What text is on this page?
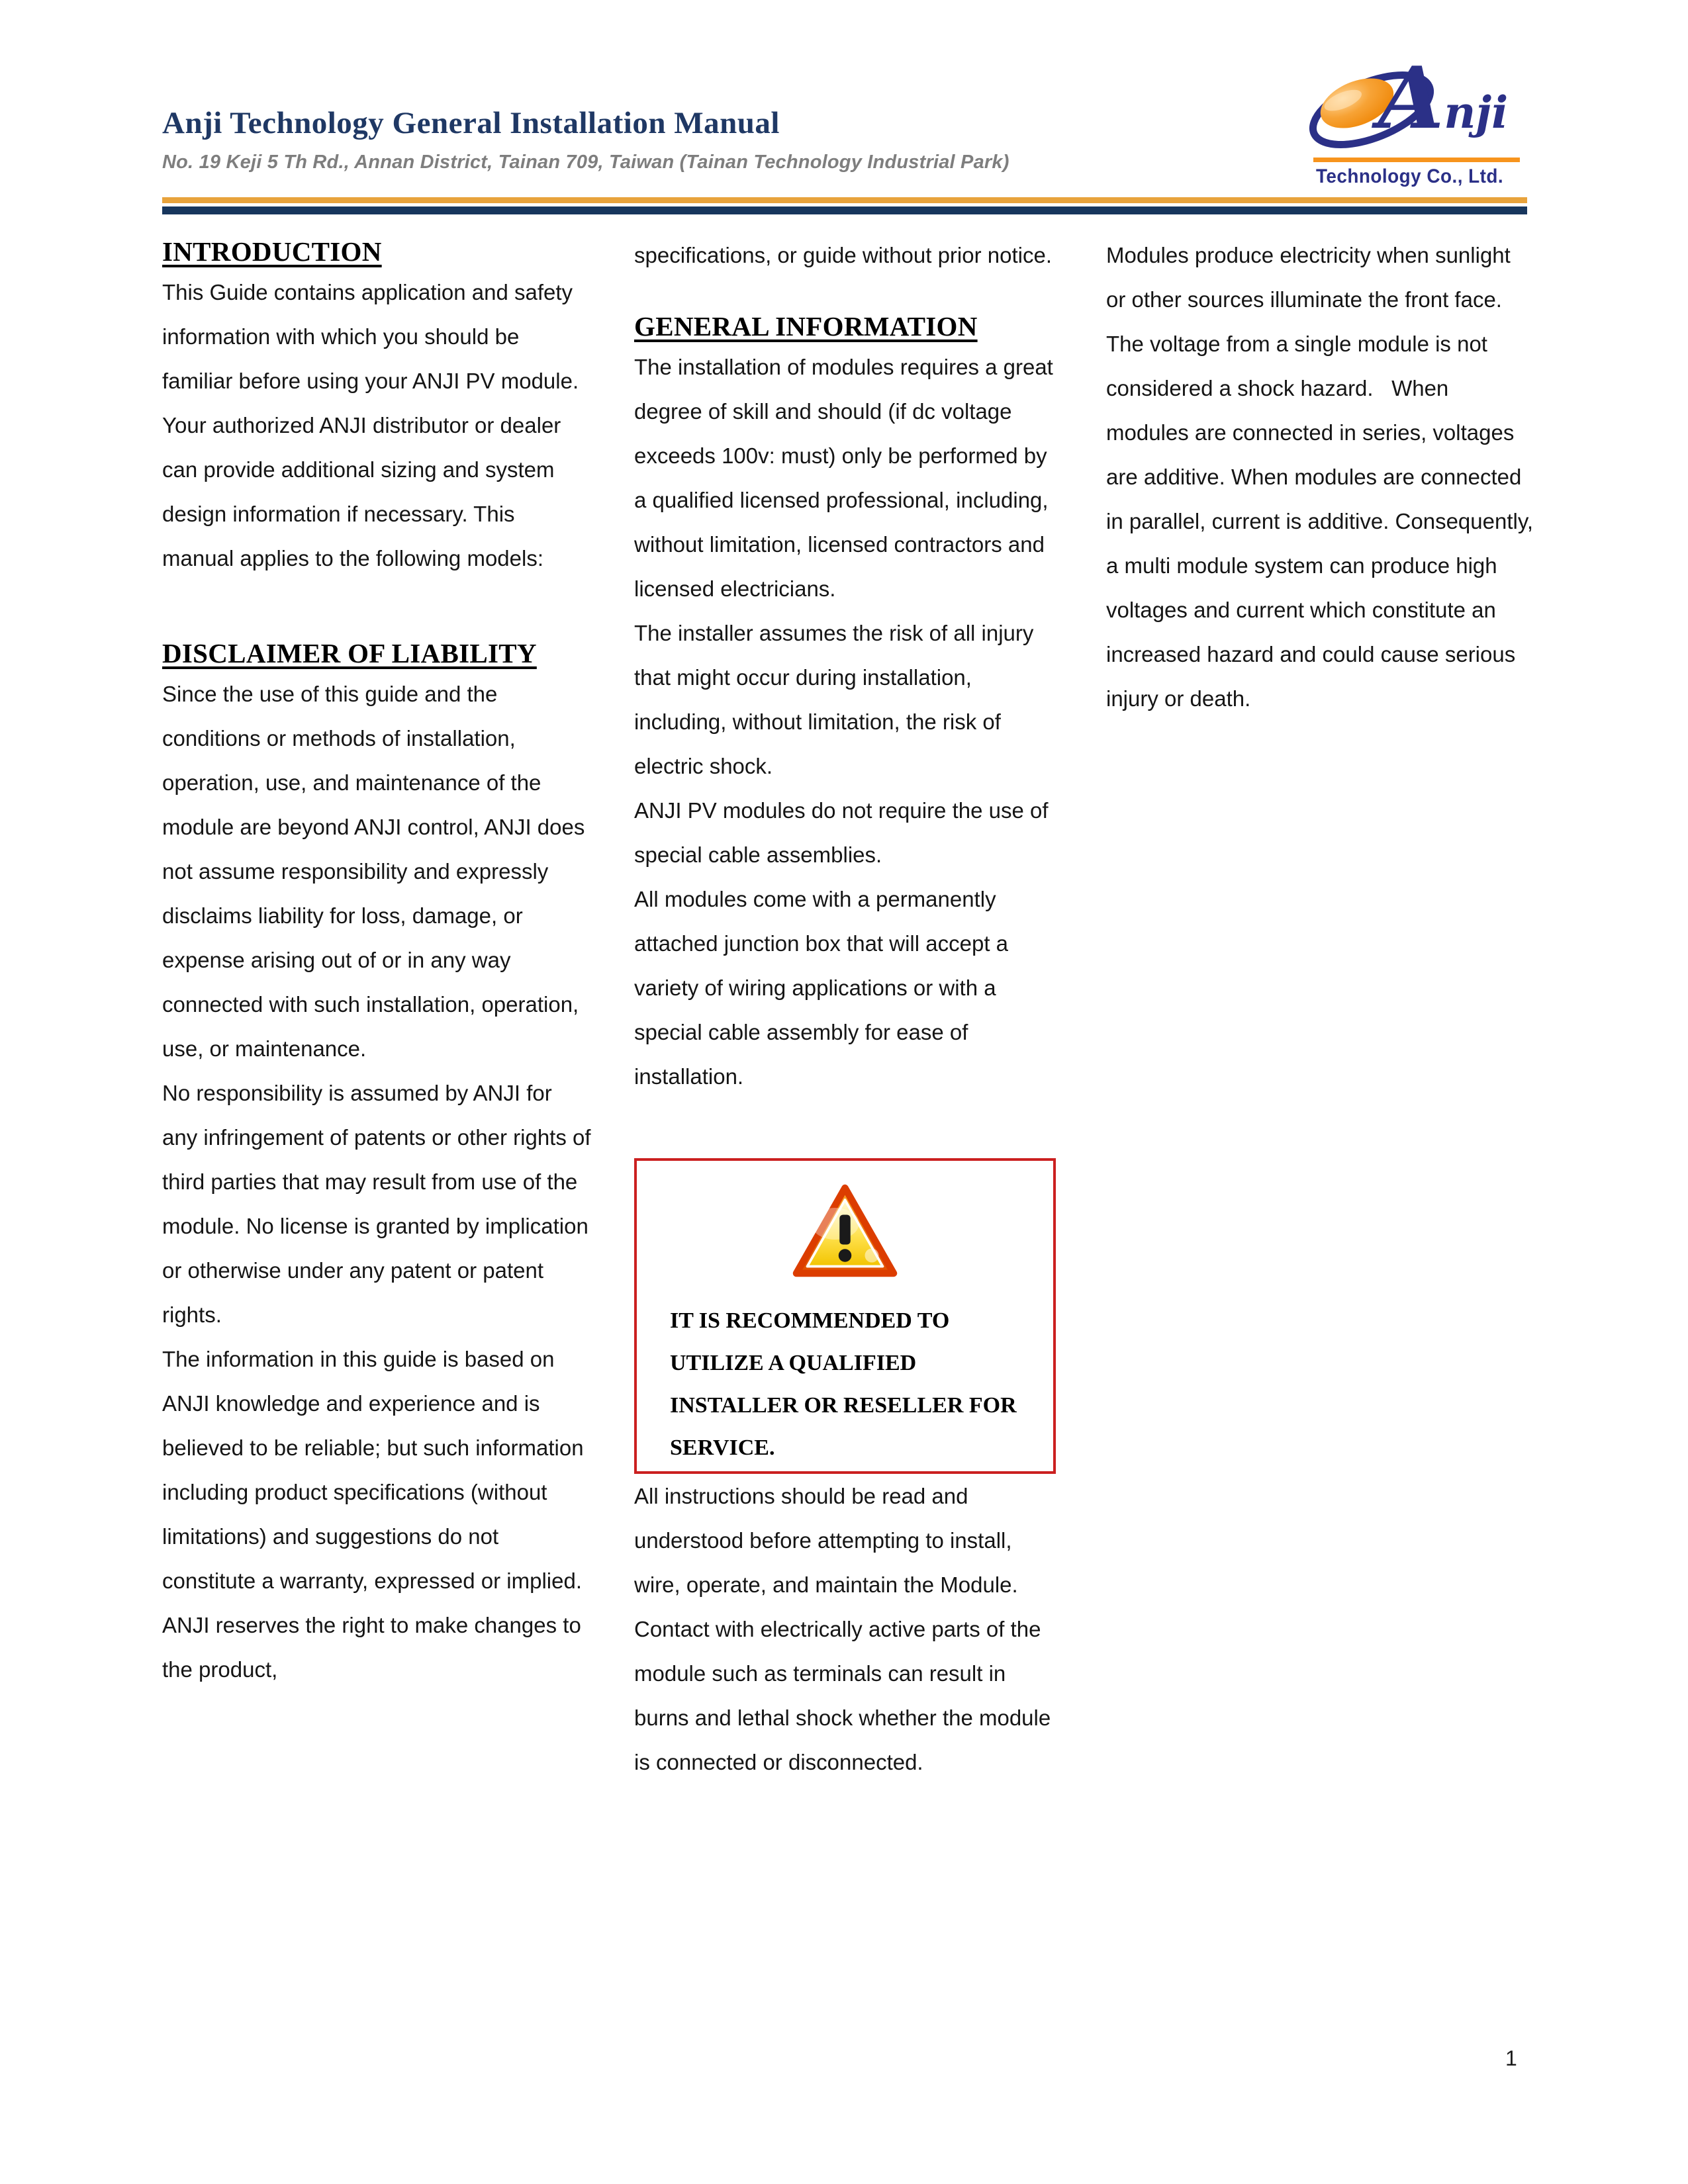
Anji Technology General Installation Manual
No. 19 Keji 5 Th Rd., Annan District, Tainan 709, Taiwan (Tainan Technology Industrial Park)
Anji
Technology Co., Ltd.
INTRODUCTION

This Guide contains application and safety information with which you should be familiar before using your ANJI PV module. Your authorized ANJI distributor or dealer can provide additional sizing and system design information if necessary. This manual applies to the following models:

DISCLAIMER OF LIABILITY

Since the use of this guide and the conditions or methods of installation, operation, use, and maintenance of the module are beyond ANJI control, ANJI does not assume responsibility and expressly disclaims liability for loss, damage, or expense arising out of or in any way connected with such installation, operation, use, or maintenance.

No responsibility is assumed by ANJI for any infringement of patents or other rights of third parties that may result from use of the module. No license is granted by implication or otherwise under any patent or patent rights.

The information in this guide is based on ANJI knowledge and experience and is believed to be reliable; but such information including product specifications (without limitations) and suggestions do not constitute a warranty, expressed or implied. ANJI reserves the right to make changes to the product,

specifications, or guide without prior notice.

GENERAL INFORMATION

The installation of modules requires a great degree of skill and should (if dc voltage exceeds 100v: must) only be performed by a qualified licensed professional, including, without limitation, licensed contractors and licensed electricians.

The installer assumes the risk of all injury that might occur during installation, including, without limitation, the risk of electric shock.

ANJI PV modules do not require the use of special cable assemblies.

All modules come with a permanently attached junction box that will accept a variety of wiring applications or with a special cable assembly for ease of installation.

IT IS RECOMMENDED TO UTILIZE A QUALIFIED INSTALLER OR RESELLER FOR SERVICE.

All instructions should be read and understood before attempting to install, wire, operate, and maintain the Module. Contact with electrically active parts of the module such as terminals can result in burns and lethal shock whether the module is connected or disconnected.

Modules produce electricity when sunlight or other sources illuminate the front face. The voltage from a single module is not considered a shock hazard.   When modules are connected in series, voltages are additive. When modules are connected in parallel, current is additive. Consequently, a multi module system can produce high voltages and current which constitute an increased hazard and could cause serious injury or death.

1
